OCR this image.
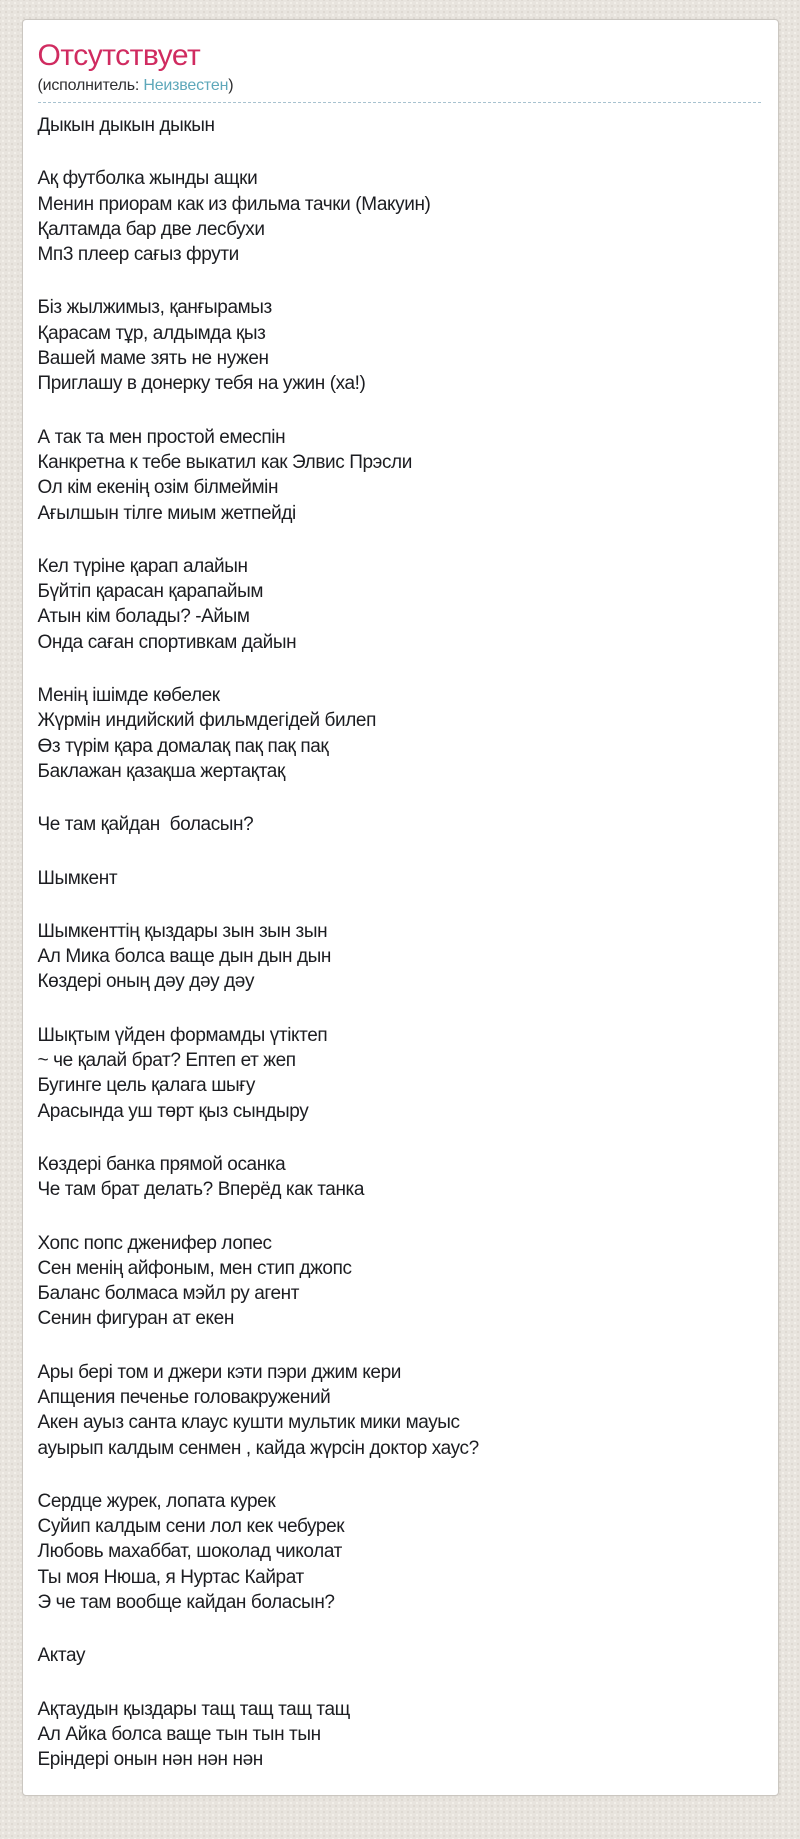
Отсутствует
(исполнитель: Неизвестен)

Дыкын дыкын дыкын

Ақ футболка жынды ащки
Менин приорам как из фильма тачки (Макуин)
Қалтамда бар две лесбухи
Мп3 плеер сағыз фрути

Біз жылжимыз, қанғырамыз
Қарасам тұр, алдымда қыз
Вашей маме зять не нужен
Приглашу в донерку тебя на ужин (ха!)

А так та мен простой емеспін
Канкретна к тебе выкатил как Элвис Прэсли
Ол кім екенің озім білмеймін
Ағылшын тілге миым жетпейді

Кел түріне қарап алайын
Бүйтіп қарасан қарапайым
Атын кім болады? -Айым
Онда саған спортивкам дайын

Менің ішімде көбелек
Жүрмін индийский фильмдегідей билеп
Өз түрім қара домалақ пақ пақ пақ
Баклажан қазақша жертақтақ

Че там қайдан  боласын?

Шымкент

Шымкенттің қыздары зын зын зын
Ал Мика болса ваще дын дын дын
Көздері оның дәу дәу дәу

Шықтым үйден формамды үтіктеп
~ че қалай брат? Ептеп ет жеп
Бугинге цель қалага шығу
Арасында уш төрт қыз сындыру

Көздері банка прямой осанка
Че там брат делать? Вперёд как танка

Хопс попс дженифер лопес
Сен менің айфоным, мен стип джопс
Баланс болмаса мэйл ру агент
Сенин фигуран ат екен

Ары бері том и джери кэти пэри джим кери
Апщения печенье головакружений
Акен ауыз санта клаус кушти мультик мики мауыс
ауырып калдым сенмен , кайда жүрсін доктор хаус?

Сердце журек, лопата курек
Суйип калдым сени лол кек чебурек
Любовь махаббат, шоколад чиколат
Ты моя Нюша, я Нуртас Кайрат
Э че там вообще кайдан боласын?

Актау

Ақтаудын қыздары тащ тащ тащ тащ
Ал Айка болса ваще тын тын тын
Еріндері онын нән нән нән
